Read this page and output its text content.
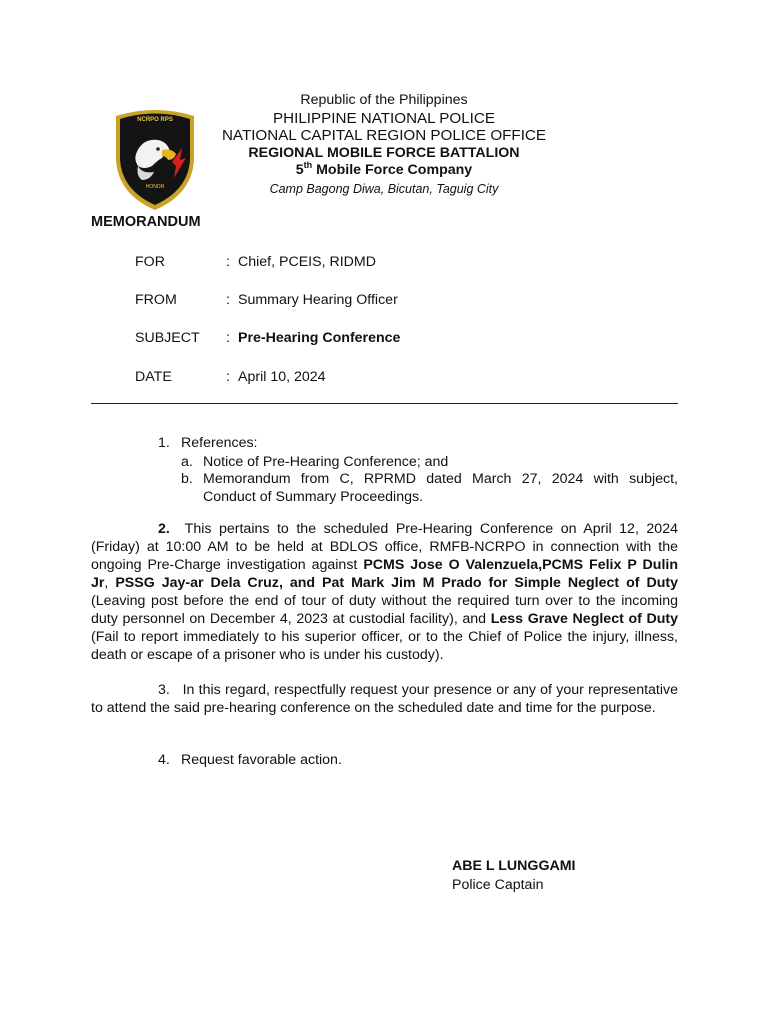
NCRPO RPS
HONOR
Republic of the Philippines
PHILIPPINE NATIONAL POLICE
NATIONAL CAPITAL REGION POLICE OFFICE
REGIONAL MOBILE FORCE BATTALION
5th Mobile Force Company
Camp Bagong Diwa, Bicutan, Taguig City
MEMORANDUM
FOR	: Chief, PCEIS, RIDMD
FROM	: Summary Hearing Officer
SUBJECT : Pre-Hearing Conference
DATE	: April 10, 2024
1. References:
a. Notice of Pre-Hearing Conference; and
b. Memorandum from C, RPRMD dated March 27, 2024 with subject,
Conduct of Summary Proceedings.
2. This pertains to the scheduled Pre-Hearing Conference on April 12, 2024 (Friday) at 10:00 AM to be held at BDLOS office, RMFB-NCRPO in connection with the ongoing Pre-Charge investigation against PCMS Jose O Valenzuela,PCMS Felix P Dulin Jr, PSSG Jay-ar Dela Cruz, and Pat Mark Jim M Prado for Simple Neglect of Duty (Leaving post before the end of tour of duty without the required turn over to the incoming duty personnel on December 4, 2023 at custodial facility), and Less Grave Neglect of Duty (Fail to report immediately to his superior officer, or to the Chief of Police the injury, illness, death or escape of a prisoner who is under his custody).
3. In this regard, respectfully request your presence or any of your representative to attend the said pre-hearing conference on the scheduled date and time for the purpose.
4. Request favorable action.
ABE L LUNGGAMI
Police Captain
